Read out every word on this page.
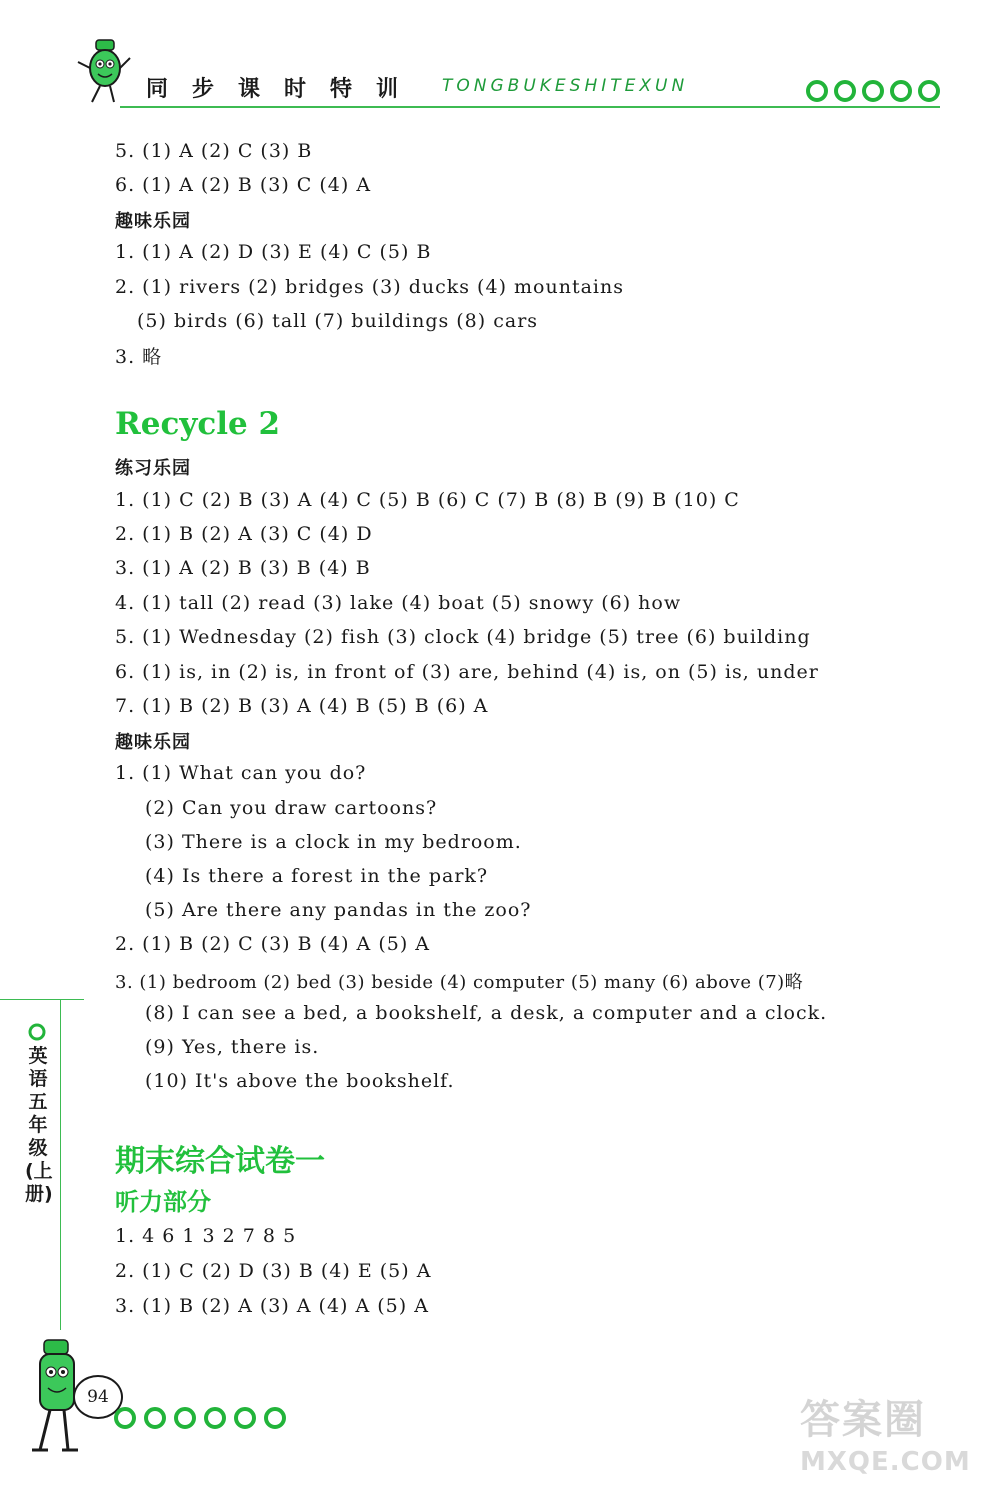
同	步	课	时	特	训	TONGBUKESHITEXUN
5. (1) A (2) C (3) B
6. (1) A (2) B (3) C (4) A
趣味乐园
1. (1) A (2) D (3) E (4) C (5) B
2. (1) rivers (2) bridges (3) ducks (4) mountains
(5) birds (6) tall (7) buildings (8) cars
3. 略
Recycle 2
练习乐园
1. (1) C (2) B (3) A (4) C (5) B (6) C (7) B (8) B (9) B (10) C
2. (1) B (2) A (3) C (4) D
3. (1) A (2) B (3) B (4) B
4. (1) tall (2) read (3) lake (4) boat (5) snowy (6) how
5. (1) Wednesday (2) fish (3) clock (4) bridge (5) tree (6) building
6. (1) is, in (2) is, in front of (3) are, behind (4) is, on (5) is, under
7. (1) B (2) B (3) A (4) B (5) B (6) A
趣味乐园
1. (1) What can you do?
(2) Can you draw cartoons?
(3) There is a clock in my bedroom.
(4) Is there a forest in the park?
(5) Are there any pandas in the zoo?
2. (1) B (2) C (3) B (4) A (5) A
3. (1) bedroom (2) bed (3) beside (4) computer (5) many (6) above (7)略
(8) I can see a bed, a bookshelf, a desk, a computer and a clock.
(9) Yes, there is.
(10) It's above the bookshelf.
期末综合试卷一
听力部分
1. 4 6 1 3 2 7 8 5
2. (1) C (2) D (3) B (4) E (5) A
3. (1) B (2) A (3) A (4) A (5) A
英语 五年级(上册)
94	答案圈
MXQE.COM
